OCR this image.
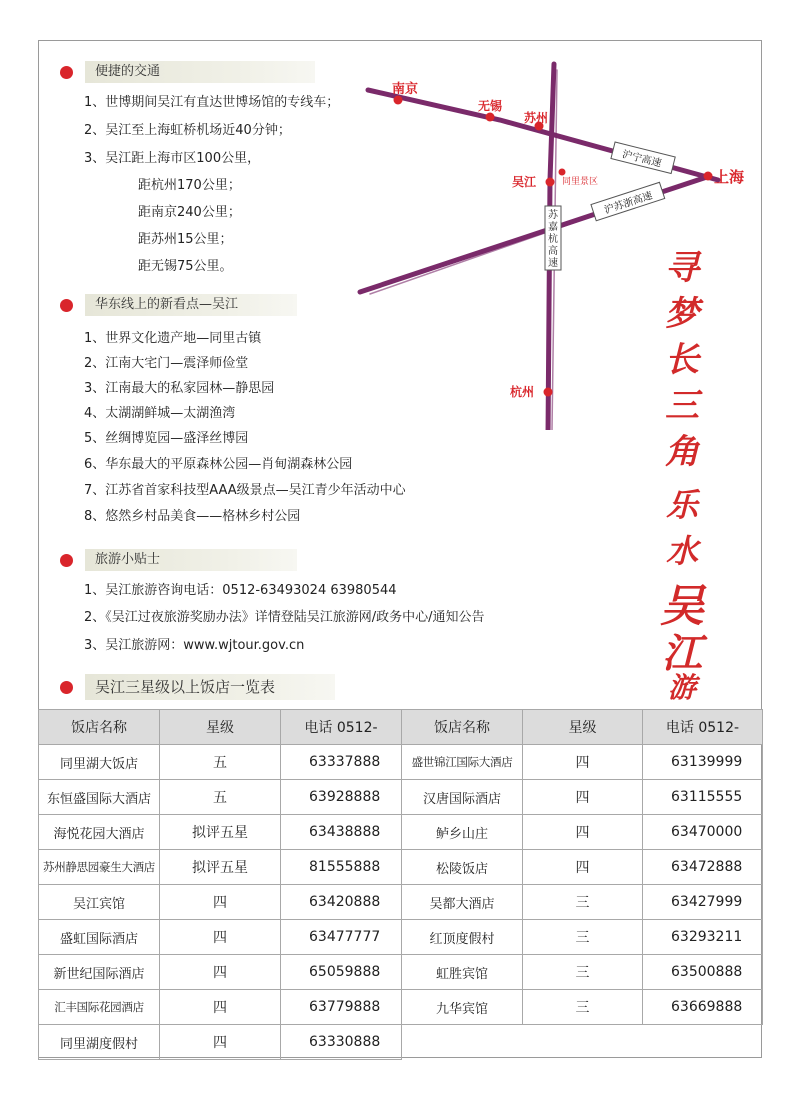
便捷的交通
1、世博期间吴江有直达世博场馆的专线车；
2、吴江至上海虹桥机场近40分钟；
3、吴江距上海市区100公里，
距杭州170公里；
距南京240公里；
距苏州15公里；
距无锡75公里。
华东线上的新看点—吴江
1、世界文化遗产地—同里古镇
2、江南大宅门—震泽师俭堂
3、江南最大的私家园林—静思园
4、太湖湖鲜城—太湖渔湾
5、丝绸博览园—盛泽丝博园
6、华东最大的平原森林公园—肖甸湖森林公园
7、江苏省首家科技型AAA级景点—吴江青少年活动中心
8、悠然乡村品美食——格林乡村公园
旅游小贴士
1、吴江旅游咨询电话：0512-63493024 63980544
2、《吴江过夜旅游奖励办法》详情登陆吴江旅游网/政务中心/通知公告
3、吴江旅游网：www.wjtour.gov.cn
南京
无锡
苏州
吴江	同里景区	上海
杭州
沪宁高速
沪苏浙高速
苏
嘉
杭
高
速	寻
梦
长
三
角
乐
水
吴
江
游
吴江三星级以上饭店一览表
饭店名称	星级	电话 0512-	饭店名称	星级	电话 0512-
同里湖大饭店	五	63337888	盛世锦江国际大酒店	四	63139999
东恒盛国际大酒店	五	63928888	汉唐国际酒店	四	63115555
海悦花园大酒店	拟评五星	63438888	鲈乡山庄	四	63470000
苏州静思园豪生大酒店	拟评五星	81555888	松陵饭店	四	63472888
吴江宾馆	四	63420888	吴都大酒店	三	63427999
盛虹国际酒店	四	63477777	红顶度假村	三	63293211
新世纪国际酒店	四	65059888	虹胜宾馆	三	63500888
汇丰国际花园酒店	四	63779888	九华宾馆	三	63669888
同里湖度假村	四	63330888			
